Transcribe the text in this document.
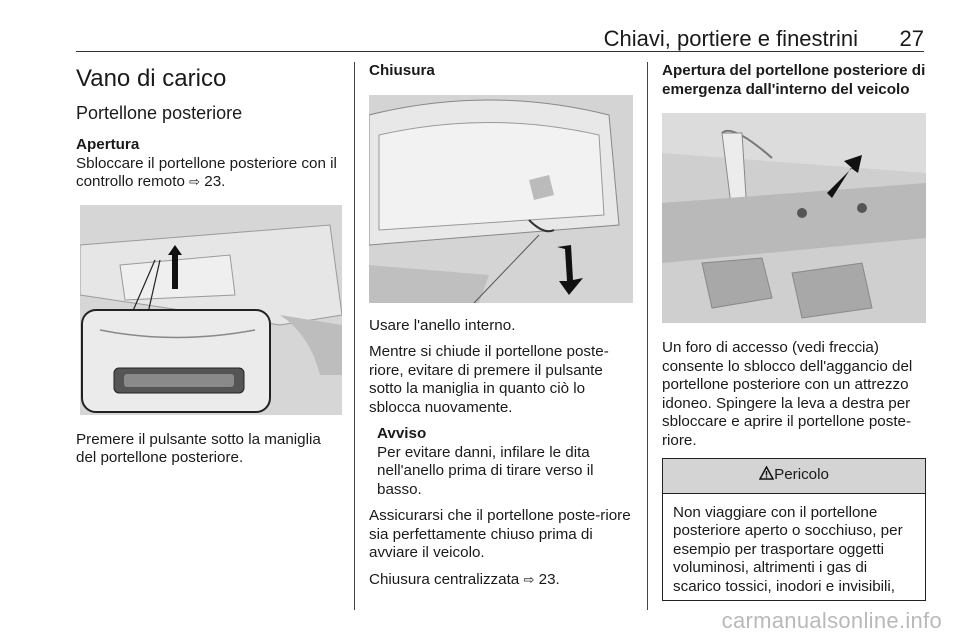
Chiavi, portiere e finestrini 27
Vano di carico
Portellone posteriore
Apertura

Sbloccare il portellone posteriore con il controllo remoto ⇨ 23.

Premere il pulsante sotto la maniglia del portellone posteriore.

Chiusura

Usare l'anello interno.

Mentre si chiude il portellone poste-riore, evitare di premere il pulsante sotto la maniglia in quanto ciò lo sblocca nuovamente.

Avviso
Per evitare danni, infilare le dita nell'anello prima di tirare verso il basso.

Assicurarsi che il portellone poste-riore sia perfettamente chiuso prima di avviare il veicolo.

Chiusura centralizzata ⇨ 23.

Apertura del portellone posteriore di emergenza dall'interno del veicolo

Un foro di accesso (vedi freccia) consente lo sblocco dell'aggancio del portellone posteriore con un attrezzo idoneo. Spingere la leva a destra per sbloccare e aprire il portellone poste-riore.

Pericolo

Non viaggiare con il portellone posteriore aperto o socchiuso, per esempio per trasportare oggetti voluminosi, altrimenti i gas di scarico tossici, inodori e invisibili,

carmanualsonline.info
